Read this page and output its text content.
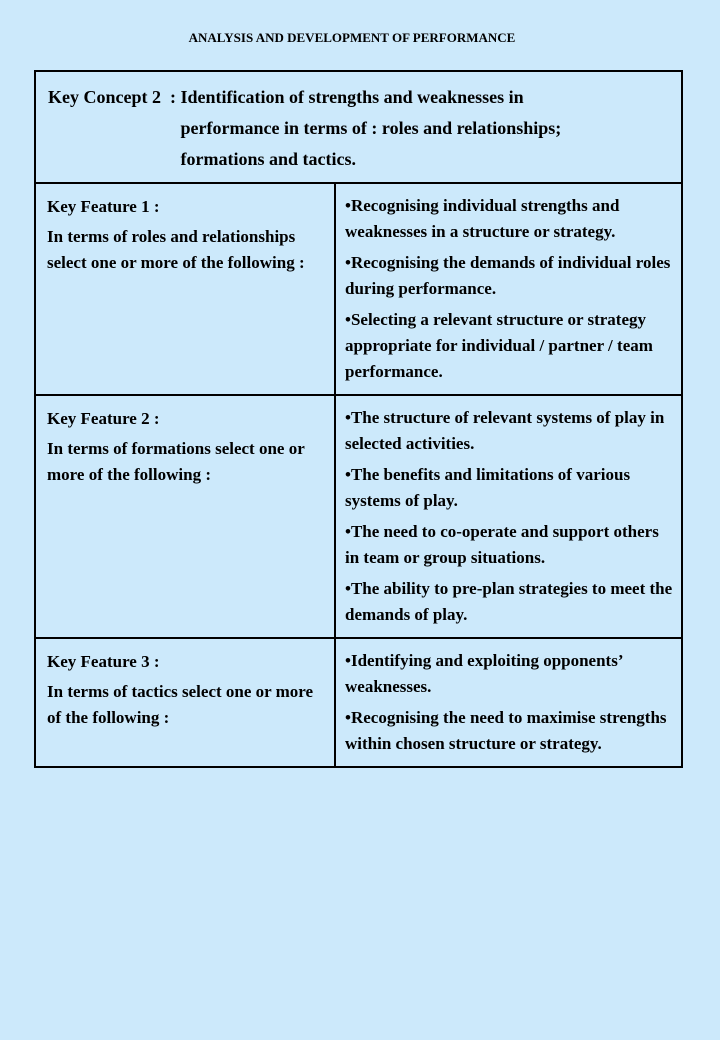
ANALYSIS AND DEVELOPMENT OF PERFORMANCE
Key Concept 2  : Identification of strengths and weaknesses in
performance in terms of : roles and relationships;
formations and tactics.

Key Feature 1 :

In terms of roles and relationships select one or more of the following :

•Recognising individual strengths and weaknesses in a structure or strategy.

•Recognising the demands of individual roles during performance.

•Selecting a relevant structure or strategy appropriate for individual / partner / team performance.

Key Feature 2 :

In terms of formations select one or more of the following :

•The structure of relevant systems of play in selected activities.

•The benefits and limitations of various systems of play.

•The need to co-operate and support others in team or group situations.

•The ability to pre-plan strategies to meet the demands of play.

Key Feature 3 :

In terms of tactics select one or more of the following :

•Identifying and exploiting opponents’ weaknesses.

•Recognising the need to maximise strengths within chosen structure or strategy.
